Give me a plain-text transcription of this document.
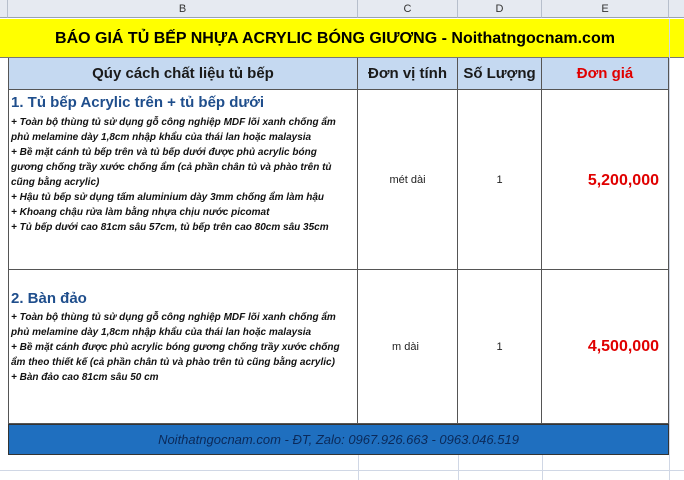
B	C	D	E
BÁO GIÁ TỦ BẾP NHỰA ACRYLIC BÓNG GIƯƠNG - Noithatngocnam.com
Qúy cách chất liệu tủ bếp	Đơn vị tính Số Lượng	Đơn giá
1. Tủ bếp Acrylic trên + tủ bếp dưới
+ Toàn bộ thùng tủ sử dụng gỗ công nghiệp MDF lõi xanh chống ẩm
phủ melamine dày 1,8cm nhập khẩu của thái lan hoặc malaysia
+ Bề mặt cánh tủ bếp trên và tủ bếp dưới được phủ acrylic bóng
gương chống trầy xước chống ẩm (cả phần chân tủ và phào trên tủ
cũng bằng acrylic)
+ Hậu tủ bếp sử dụng tấm aluminium dày 3mm chống ẩm làm hậu
+ Khoang chậu rửa làm bằng nhựa chịu nước picomat
+ Tủ bếp dưới cao 81cm sâu 57cm, tủ bếp trên cao 80cm sâu 35cm
mét dài	1	5,200,000
2. Bàn đảo
+ Toàn bộ thùng tủ sử dụng gỗ công nghiệp MDF lõi xanh chống ẩm
phủ melamine dày 1,8cm nhập khẩu của thái lan hoặc malaysia
+ Bề mặt cánh được phủ acrylic bóng gương chống trầy xước chống
ẩm theo thiết kế (cả phần chân tủ và phào trên tủ cũng bằng acrylic)
+ Bàn đảo cao 81cm sâu 50 cm
m dài	1	4,500,000
Noithatngocnam.com - ĐT, Zalo: 0967.926.663 - 0963.046.519
